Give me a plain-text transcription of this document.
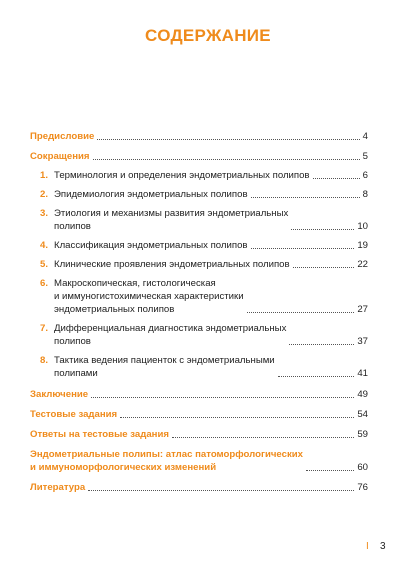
СОДЕРЖАНИЕ
Предисловие	4
Сокращения	5
1. Терминология и определения эндометриальных полипов	6
2. Эпидемиология эндометриальных полипов	8
3. Этиология и механизмы развития эндометриальных
полипов	10
4. Классификация эндометриальных полипов	19
5. Клинические проявления эндометриальных полипов	22
6. Макроскопическая, гистологическая
и иммуногистохимическая характеристики
эндометриальных полипов	27
7. Дифференциальная диагностика эндометриальных
полипов	37
8. Тактика ведения пациенток с эндометриальными
полипами	41
Заключение	49
Тестовые задания	54
Ответы на тестовые задания	59
Эндометриальные полипы: атлас патоморфологических
и иммуноморфологических изменений	60
Литература	76
I 3
